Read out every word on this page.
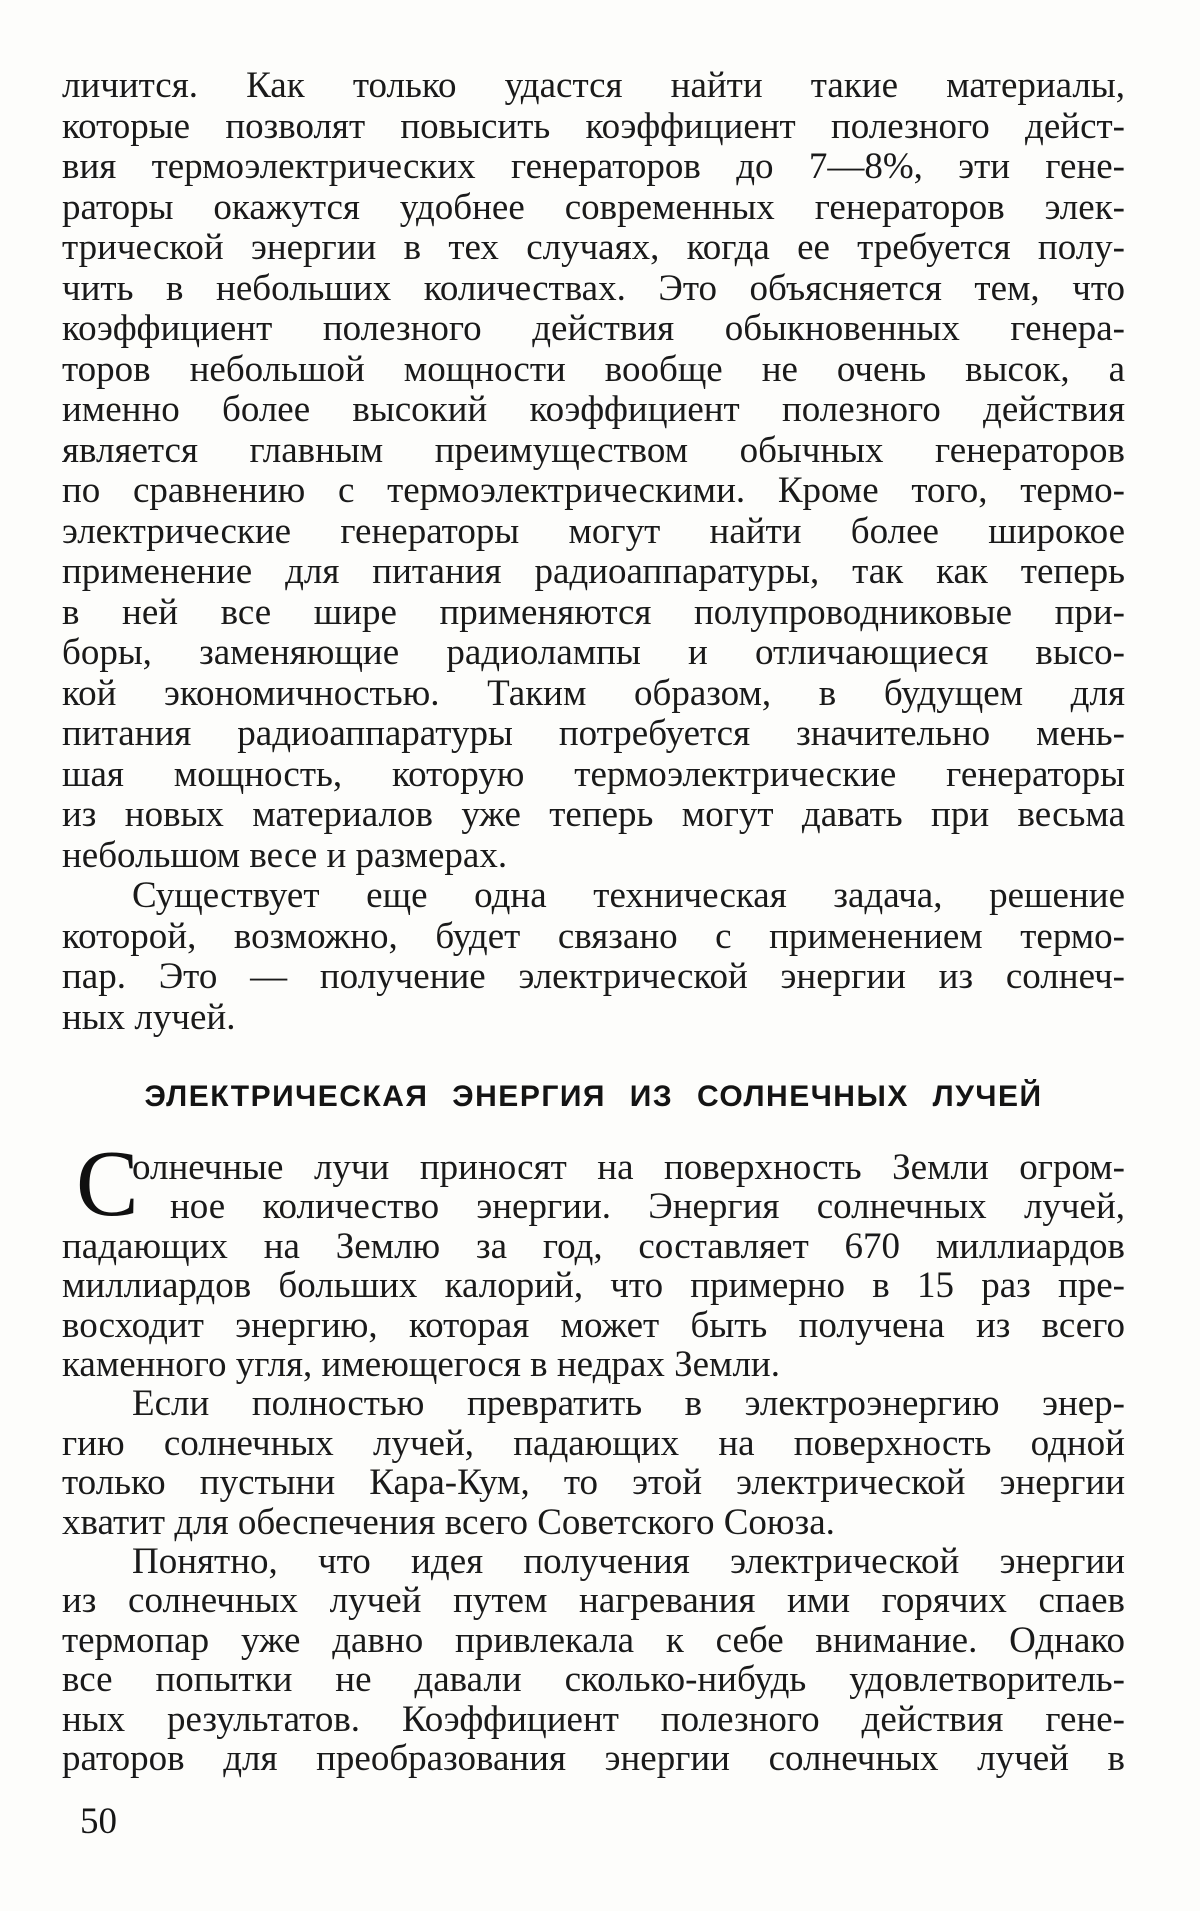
личится. Как только удастся найти такие материалы,
которые позволят повысить коэффициент полезного дейст-
вия термоэлектрических генераторов до 7—8%, эти гене-
раторы окажутся удобнее современных генераторов элек-
трической энергии в тех случаях, когда ее требуется полу-
чить в небольших количествах. Это объясняется тем, что
коэффициент полезного действия обыкновенных генера-
торов небольшой мощности вообще не очень высок, а
именно более высокий коэффициент полезного действия
является главным преимуществом обычных генераторов
по сравнению с термоэлектрическими. Кроме того, термо-
электрические генераторы могут найти более широкое
применение для питания радиоаппаратуры, так как теперь
в ней все шире применяются полупроводниковые при-
боры, заменяющие радиолампы и отличающиеся высо-
кой экономичностью. Таким образом, в будущем для
питания радиоаппаратуры потребуется значительно мень-
шая мощность, которую термоэлектрические генераторы
из новых материалов уже теперь могут давать при весьма
небольшом весе и размерах.
Существует еще одна техническая задача, решение
которой, возможно, будет связано с применением термо-
пар. Это — получение электрической энергии из солнеч-
ных лучей.
ЭЛЕКТРИЧЕСКАЯ ЭНЕРГИЯ ИЗ СОЛНЕЧНЫХ ЛУЧЕЙ
С
олнечные лучи приносят на поверхность Земли огром-
ное количество энергии. Энергия солнечных лучей,
падающих на Землю за год, составляет 670 миллиардов
миллиардов больших калорий, что примерно в 15 раз пре-
восходит энергию, которая может быть получена из всего
каменного угля, имеющегося в недрах Земли.
Если полностью превратить в электроэнергию энер-
гию солнечных лучей, падающих на поверхность одной
только пустыни Кара-Кум, то этой электрической энергии
хватит для обеспечения всего Советского Союза.
Понятно, что идея получения электрической энергии
из солнечных лучей путем нагревания ими горячих спаев
термопар уже давно привлекала к себе внимание. Однако
все попытки не давали сколько-нибудь удовлетворитель-
ных результатов. Коэффициент полезного действия гене-
раторов для преобразования энергии солнечных лучей в
50
